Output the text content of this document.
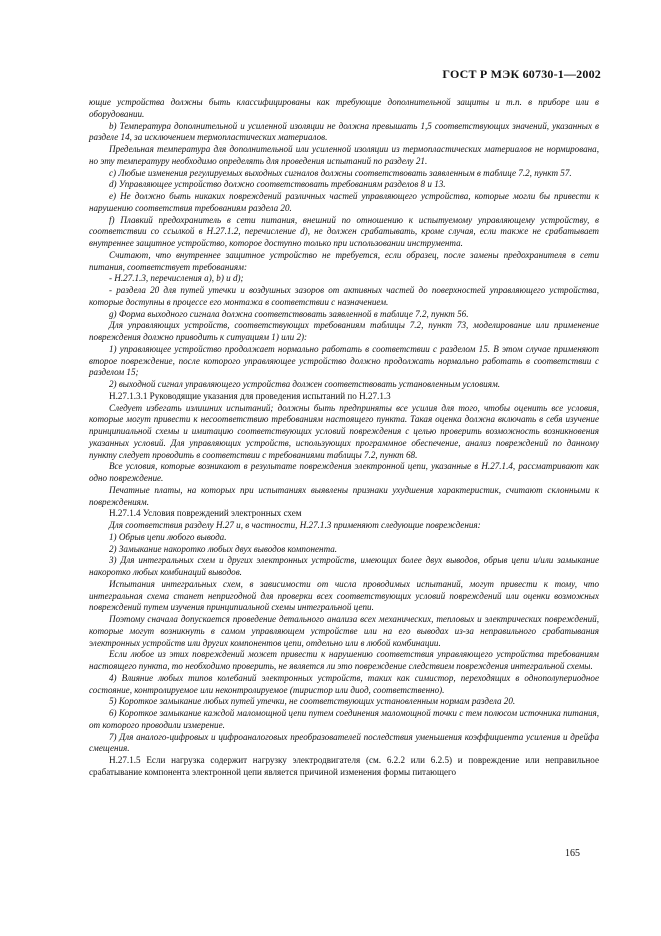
ГОСТ Р МЭК 60730-1—2002

ющие устройства должны быть классифицированы как требующие дополнительной защиты и т.п. в приборе или в оборудовании.

b) Температура дополнительной и усиленной изоляции не должна превышать 1,5 соответствующих значений, указанных в разделе 14, за исключением термопластических материалов.

Предельная температура для дополнительной или усиленной изоляции из термопластических материалов не нормирована, но эту температуру необходимо определять для проведения испытаний по разделу 21.

c) Любые изменения регулируемых выходных сигналов должны соответствовать заявленным в таблице 7.2, пункт 57.

d) Управляющее устройство должно соответствовать требованиям разделов 8 и 13.

e) Не должно быть никаких повреждений различных частей управляющего устройства, которые могли бы привести к нарушению соответствия требованиям раздела 20.

f) Плавкий предохранитель в сети питания, внешний по отношению к испытуемому управляющему устройству, в соответствии со ссылкой в Н.27.1.2, перечисление d), не должен срабатывать, кроме случая, если также не срабатывает внутреннее защитное устройство, которое доступно только при использовании инструмента.

Считают, что внутреннее защитное устройство не требуется, если образец, после замены предохранителя в сети питания, соответствует требованиям:

- Н.27.1.3, перечисления a), b) и d);

- раздела 20 для путей утечки и воздушных зазоров от активных частей до поверхностей управляющего устройства, которые доступны в процессе его монтажа в соответствии с назначением.

g) Форма выходного сигнала должна соответствовать заявленной в таблице 7.2, пункт 56.

Для управляющих устройств, соответствующих требованиям таблицы 7.2, пункт 73, моделирование или применение повреждения должно приводить к ситуациям 1) или 2):

1) управляющее устройство продолжает нормально работать в соответствии с разделом 15. В этом случае применяют второе повреждение, после которого управляющее устройство должно продолжать нормально работать в соответствии с разделом 15;

2) выходной сигнал управляющего устройства должен соответствовать установленным условиям.

Н.27.1.3.1 Руководящие указания для проведения испытаний по Н.27.1.3

Следует избегать излишних испытаний; должны быть предприняты все усилия для того, чтобы оценить все условия, которые могут привести к несоответствию требованиям настоящего пункта. Такая оценка должна включать в себя изучение принципиальной схемы и имитацию соответствующих условий повреждения с целью проверить возможность возникновения указанных условий. Для управляющих устройств, использующих программное обеспечение, анализ повреждений по данному пункту следует проводить в соответствии с требованиями таблицы 7.2, пункт 68.

Все условия, которые возникают в результате повреждения электронной цепи, указанные в Н.27.1.4, рассматривают как одно повреждение.

Печатные платы, на которых при испытаниях выявлены признаки ухудшения характеристик, считают склонными к повреждениям.

Н.27.1.4 Условия повреждений электронных схем

Для соответствия разделу Н.27 и, в частности, Н.27.1.3 применяют следующие повреждения:

1) Обрыв цепи любого вывода.

2) Замыкание накоротко любых двух выводов компонента.

3) Для интегральных схем и других электронных устройств, имеющих более двух выводов, обрыв цепи и/или замыкание накоротко любых комбинаций выводов.

Испытания интегральных схем, в зависимости от числа проводимых испытаний, могут привести к тому, что интегральная схема станет непригодной для проверки всех соответствующих условий повреждений или оценки возможных повреждений путем изучения принципиальной схемы интегральной цепи.

Поэтому сначала допускается проведение детального анализа всех механических, тепловых и электрических повреждений, которые могут возникнуть в самом управляющем устройстве или на его выводах из-за неправильного срабатывания электронных устройств или других компонентов цепи, отдельно или в любой комбинации.

Если любое из этих повреждений может привести к нарушению соответствия управляющего устройства требованиям настоящего пункта, то необходимо проверить, не является ли это повреждение следствием повреждения интегральной схемы.

4) Влияние любых типов колебаний электронных устройств, таких как симистор, переходящих в однополупериодное состояние, контролируемое или неконтролируемое (тиристор или диод, соответственно).

5) Короткое замыкание любых путей утечки, не соответствующих установленным нормам раздела 20.

6) Короткое замыкание каждой маломощной цепи путем соединения маломощной точки с тем полюсом источника питания, от которого проводили измерение.

7) Для аналого-цифровых и цифроаналоговых преобразователей последствия уменьшения коэффициента усиления и дрейфа смещения.

Н.27.1.5 Если нагрузка содержит нагрузку электродвигателя (см. 6.2.2 или 6.2.5) и повреждение или неправильное срабатывание компонента электронной цепи является причиной изменения формы питающего

165
